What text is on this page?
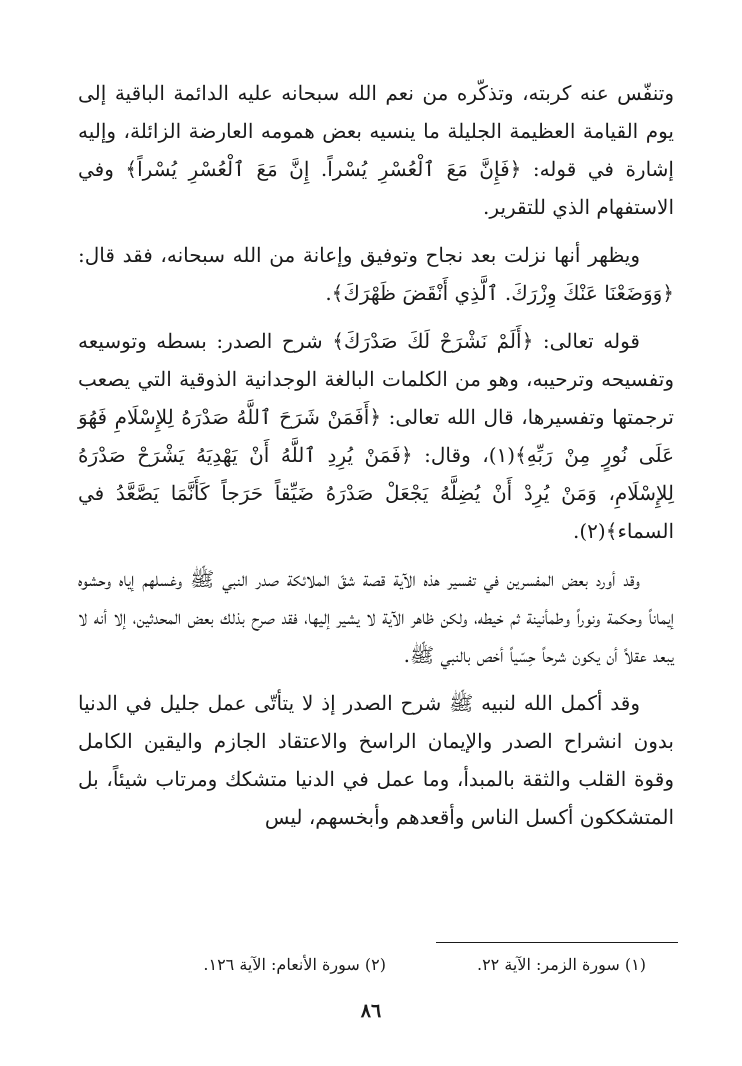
وتنفّس عنه كربته، وتذكّره من نعم الله سبحانه عليه الدائمة الباقية إلى يوم القيامة العظيمة الجليلة ما ينسيه بعض همومه العارضة الزائلة، وإليه إشارة في قوله: ﴿فَإِنَّ مَعَ ٱلْعُسْرِ يُسْراً. إِنَّ مَعَ ٱلْعُسْرِ يُسْراً﴾ وفي الاستفهام الذي للتقرير.

ويظهر أنها نزلت بعد نجاح وتوفيق وإعانة من الله سبحانه، فقد قال: ﴿وَوَضَعْنَا عَنْكَ وِزْرَكَ. ٱلَّذِي أَنْقَضَ ظَهْرَكَ﴾.

قوله تعالى: ﴿أَلَمْ نَشْرَحْ لَكَ صَدْرَكَ﴾ شرح الصدر: بسطه وتوسيعه وتفسيحه وترحيبه، وهو من الكلمات البالغة الوجدانية الذوقية التي يصعب ترجمتها وتفسيرها، قال الله تعالى: ﴿أَفَمَنْ شَرَحَ ٱللَّهُ صَدْرَهُ لِلإِسْلَامِ فَهُوَ عَلَى نُورٍ مِنْ رَبِّهِ﴾(١)، وقال: ﴿فَمَنْ يُرِدِ ٱللَّهُ أَنْ يَهْدِيَهُ يَشْرَحْ صَدْرَهُ لِلإِسْلَامِ، وَمَنْ يُرِدْ أَنْ يُضِلَّهُ يَجْعَلْ صَدْرَهُ ضَيِّقاً حَرَجاً كَأَنَّمَا يَصَّعَّدُ في السماء﴾(٢).

وقد أورد بعض المفسرين في تفسير هذه الآية قصة شقّ الملائكة صدر النبي ﷺ وغسلهم إياه وحشوه إيماناً وحكمة ونوراً وطمأنينة ثم خيطه، ولكن ظاهر الآية لا يشير إليها، فقد صرح بذلك بعض المحدثين، إلا أنه لا يبعد عقلاً أن يكون شرحاً حِسّياً أخص بالنبي ﷺ.

وقد أكمل الله لنبيه ﷺ شرح الصدر إذ لا يتأتّى عمل جليل في الدنيا بدون انشراح الصدر والإيمان الراسخ والاعتقاد الجازم واليقين الكامل وقوة القلب والثقة بالمبدأ، وما عمل في الدنيا متشكك ومرتاب شيئاً، بل المتشككون أكسل الناس وأقعدهم وأبخسهم، ليس

(١) سورة الزمر: الآية ٢٢.
(٢) سورة الأنعام: الآية ١٢٦.
٨٦
